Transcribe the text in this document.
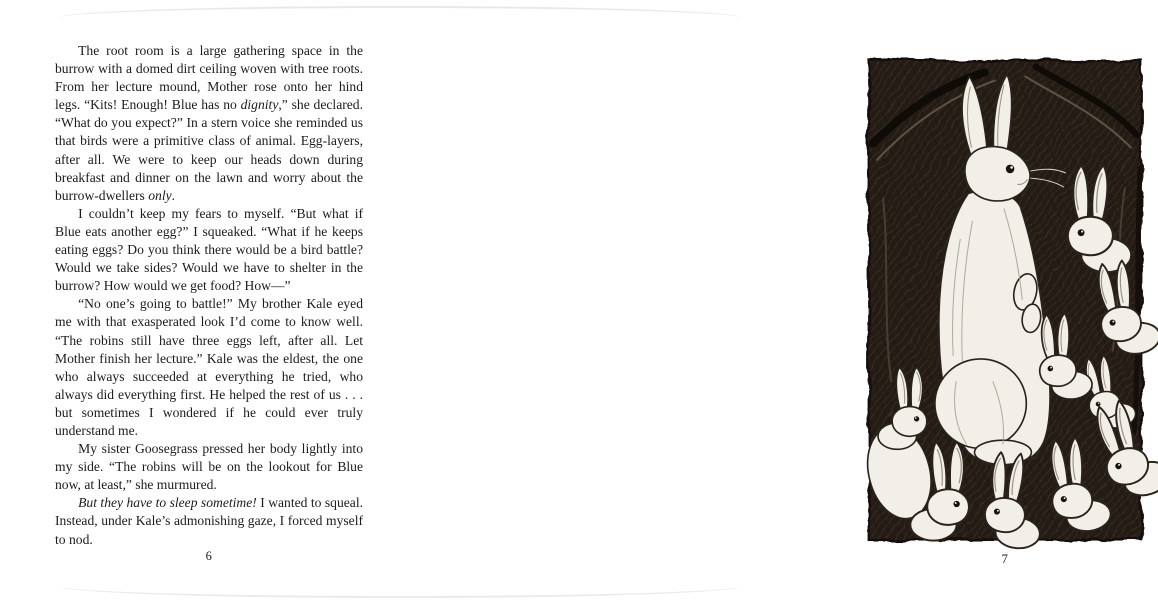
The root room is a large gathering space in the burrow with a domed dirt ceiling woven with tree roots. From her lecture mound, Mother rose onto her hind legs. “Kits! Enough! Blue has no dignity,” she declared. “What do you expect?” In a stern voice she reminded us that birds were a primitive class of animal. Egg-layers, after all. We were to keep our heads down during breakfast and dinner on the lawn and worry about the burrow-dwellers only.

I couldn’t keep my fears to myself. “But what if Blue eats another egg?” I squeaked. “What if he keeps eating eggs? Do you think there would be a bird battle? Would we take sides? Would we have to shelter in the burrow? How would we get food? How—”

“No one’s going to battle!” My brother Kale eyed me with that exasperated look I’d come to know well. “The robins still have three eggs left, after all. Let Mother finish her lecture.” Kale was the eldest, the one who always succeeded at everything he tried, who always did everything first. He helped the rest of us . . . but sometimes I wondered if he could ever truly understand me.

My sister Goosegrass pressed her body lightly into my side. “The robins will be on the lookout for Blue now, at least,” she murmured.

But they have to sleep sometime! I wanted to squeal. Instead, under Kale’s admonishing gaze, I forced myself to nod.

6	7
